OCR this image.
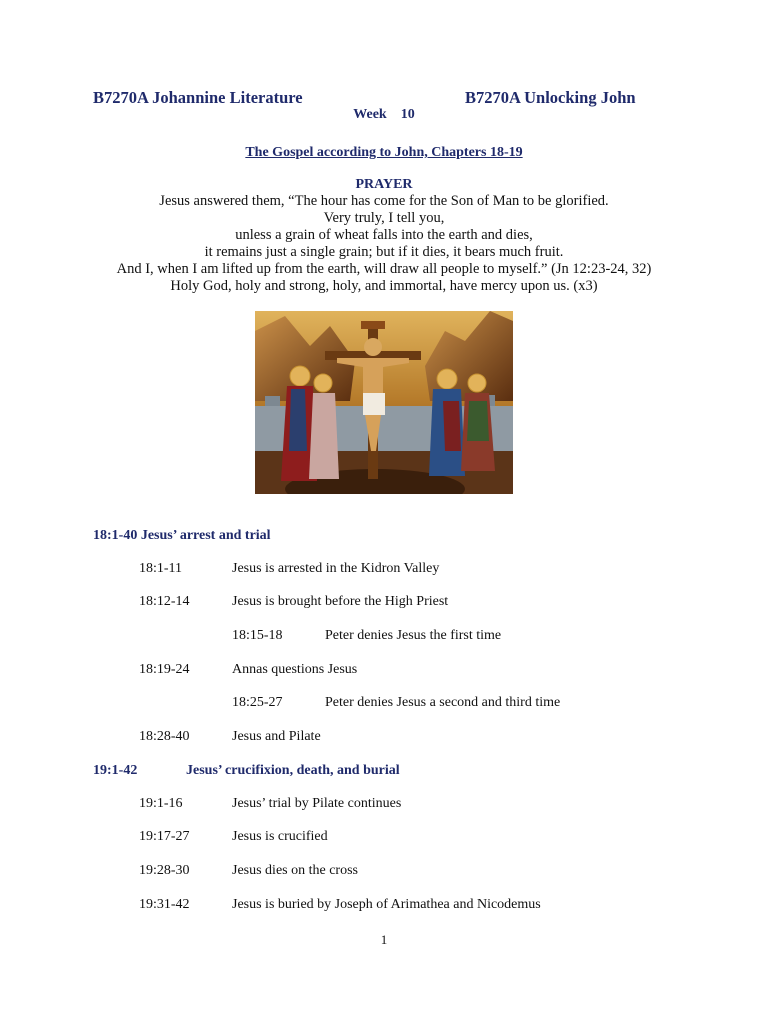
B7270A Johannine Literature	B7270A Unlocking John
Week 10
The Gospel according to John, Chapters 18-19
PRAYER
Jesus answered them, “The hour has come for the Son of Man to be glorified.
Very truly, I tell you,
unless a grain of wheat falls into the earth and dies,
it remains just a single grain; but if it dies, it bears much fruit.
And I, when I am lifted up from the earth, will draw all people to myself.” (Jn 12:23-24, 32)
Holy God, holy and strong, holy, and immortal, have mercy upon us. (x3)
18:1-40 Jesus’ arrest and trial
18:1-11	Jesus is arrested in the Kidron Valley
18:12-14	Jesus is brought before the High Priest
18:15-18	Peter denies Jesus the first time
18:19-24	Annas questions Jesus
18:25-27	Peter denies Jesus a second and third time
18:28-40	Jesus and Pilate
19:1-42	Jesus’ crucifixion, death, and burial
19:1-16	Jesus’ trial by Pilate continues
19:17-27	Jesus is crucified
19:28-30	Jesus dies on the cross
19:31-42	Jesus is buried by Joseph of Arimathea and Nicodemus
1
